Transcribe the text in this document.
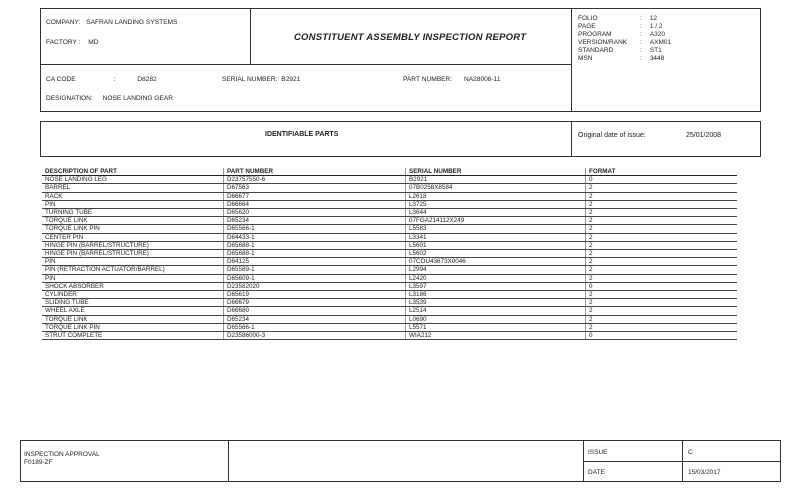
COMPANY: SAFRAN LANDING SYSTEMS
FACTORY : MD	CONSTITUENT ASSEMBLY INSPECTION REPORT
FOLIO	: 12
PAGE	: 1 / 2
PROGRAM	: A320
VERSION/RANK : AXM01
STANDARD	: ST1
MSN	: 3448
CA CODE	:	D8282	SERIAL NUMBER: B2921	PART NUMBER: NA28008-11
DESIGNATION: NOSE LANDING GEAR
IDENTIFIABLE PARTS	Original date of issue:	25/01/2008
DESCRIPTION OF PART	PART NUMBER	SERIAL NUMBER	FORMAT
NOSE LANDING LEG	D23757550-6	B2921	0
BARREL	D67563	07B0258X8584	2
RACK	D66677	L2618	2
PIN	D66664	L3725	2
TURNING TUBE	D65620	L3644	2
TORQUE LINK	D65234	07FGA214112X249	2
TORQUE LINK PIN	D65566-1	L5583	2
CENTER PIN	D64433-1	L3341	2
HINGE PIN (BARREL/STRUCTURE)	D65688-1	L5601	2
HINGE PIN (BARREL/STRUCTURE)	D65688-1	L5602	2
PIN	D64125	07COU43673X0046	2
PIN (RETRACTION ACTUATOR/BARREL)	D65589-1	L2994	2
PIN	D65609-1	L2420	2
SHOCK ABSORBER	D23582020	L3597	0
CYLINDER	D65619	L3186	2
SLIDING TUBE	D66679	L3539	2
WHEEL AXLE	D66680	L2514	2
TORQUE LINK	D65234	L0690	2
TORQUE LINK PIN	D65566-1	L5571	2
STRUT COMPLETE	D23586000-3	WIA212	0
INSPECTION APPROVAL
F0189-ZF
ISSUE	C
DATE	15/03/2017
